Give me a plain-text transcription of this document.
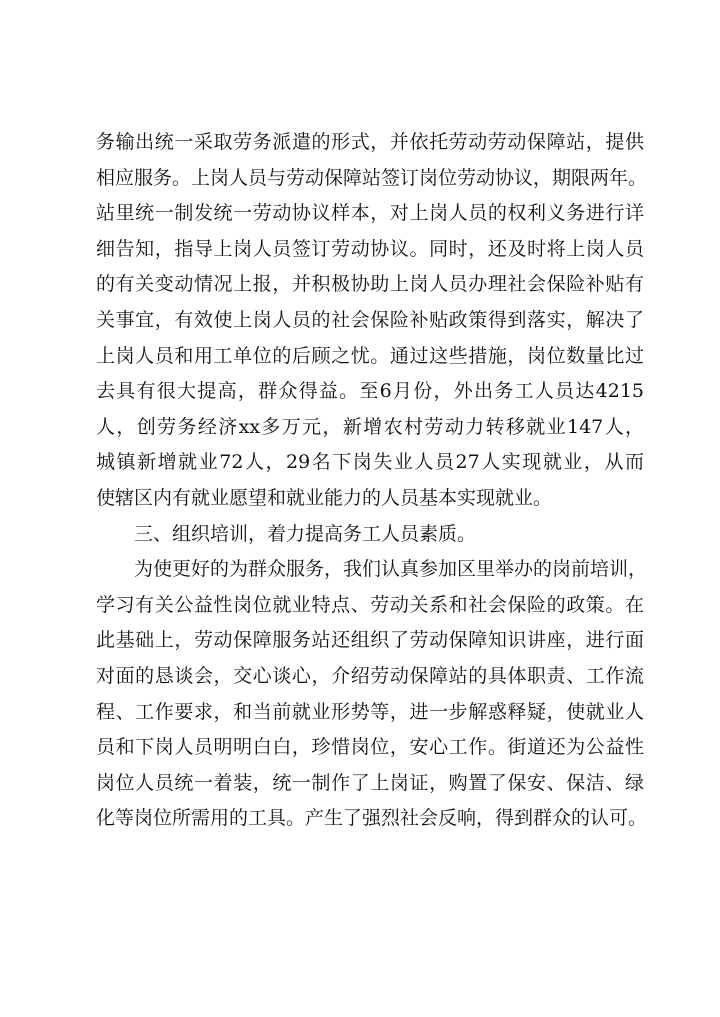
务输出统一采取劳务派遣的形式，并依托劳动劳动保障站，提供
相应服务。上岗人员与劳动保障站签订岗位劳动协议，期限两年。
站里统一制发统一劳动协议样本，对上岗人员的权利义务进行详
细告知，指导上岗人员签订劳动协议。同时，还及时将上岗人员
的有关变动情况上报，并积极协助上岗人员办理社会保险补贴有
关事宜，有效使上岗人员的社会保险补贴政策得到落实，解决了
上岗人员和用工单位的后顾之忧。通过这些措施，岗位数量比过
去具有很大提高，群众得益。至6月份，外出务工人员达4215
人，创劳务经济xx多万元，新增农村劳动力转移就业147人，
城镇新增就业72人，29名下岗失业人员27人实现就业，从而
使辖区内有就业愿望和就业能力的人员基本实现就业。
三、组织培训，着力提高务工人员素质。
为使更好的为群众服务，我们认真参加区里举办的岗前培训，
学习有关公益性岗位就业特点、劳动关系和社会保险的政策。在
此基础上，劳动保障服务站还组织了劳动保障知识讲座，进行面
对面的恳谈会，交心谈心，介绍劳动保障站的具体职责、工作流
程、工作要求，和当前就业形势等，进一步解惑释疑，使就业人
员和下岗人员明明白白，珍惜岗位，安心工作。街道还为公益性
岗位人员统一着装，统一制作了上岗证，购置了保安、保洁、绿
化等岗位所需用的工具。产生了强烈社会反响，得到群众的认可。
